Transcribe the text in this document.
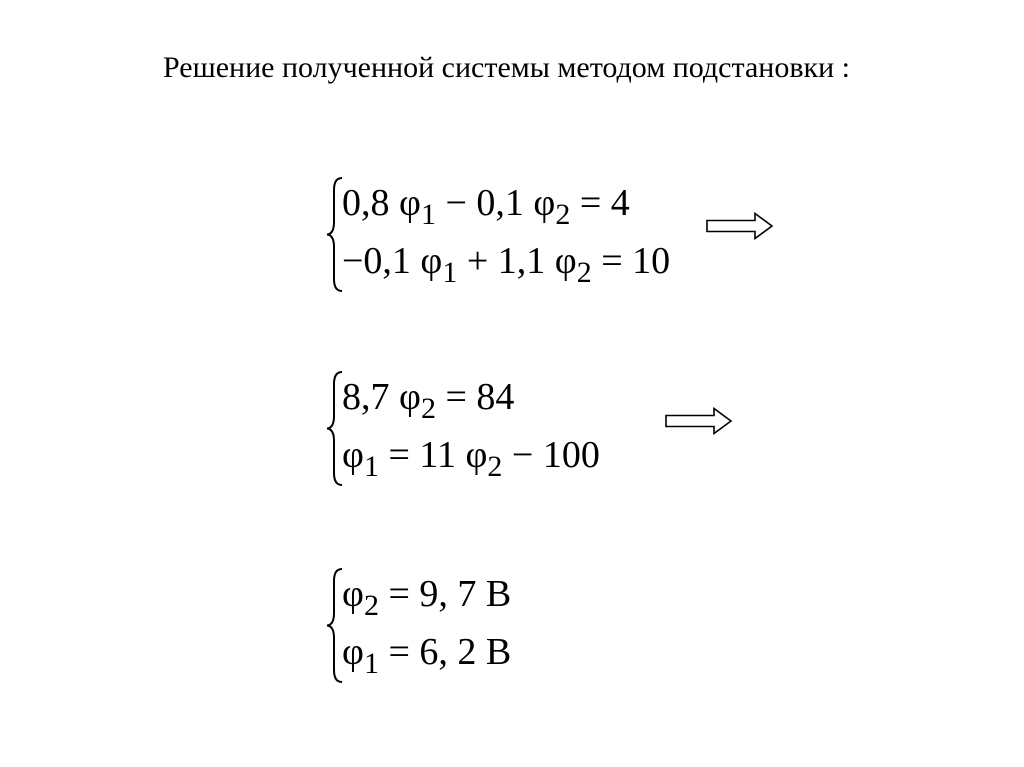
Решение полученной системы методом подстановки :
0,8 $\varphi_1 - 0,1$ $\varphi_2 = 4$
−0,1 $\varphi_1 + 1,1$ $\varphi_2 = 10$
8,7 $\varphi_2 = 84$
$\varphi_1 = 11$ $\varphi_2 - 100$
$\varphi_2 = 9$, 7 В
$\varphi_1 = 6$, 2 В
